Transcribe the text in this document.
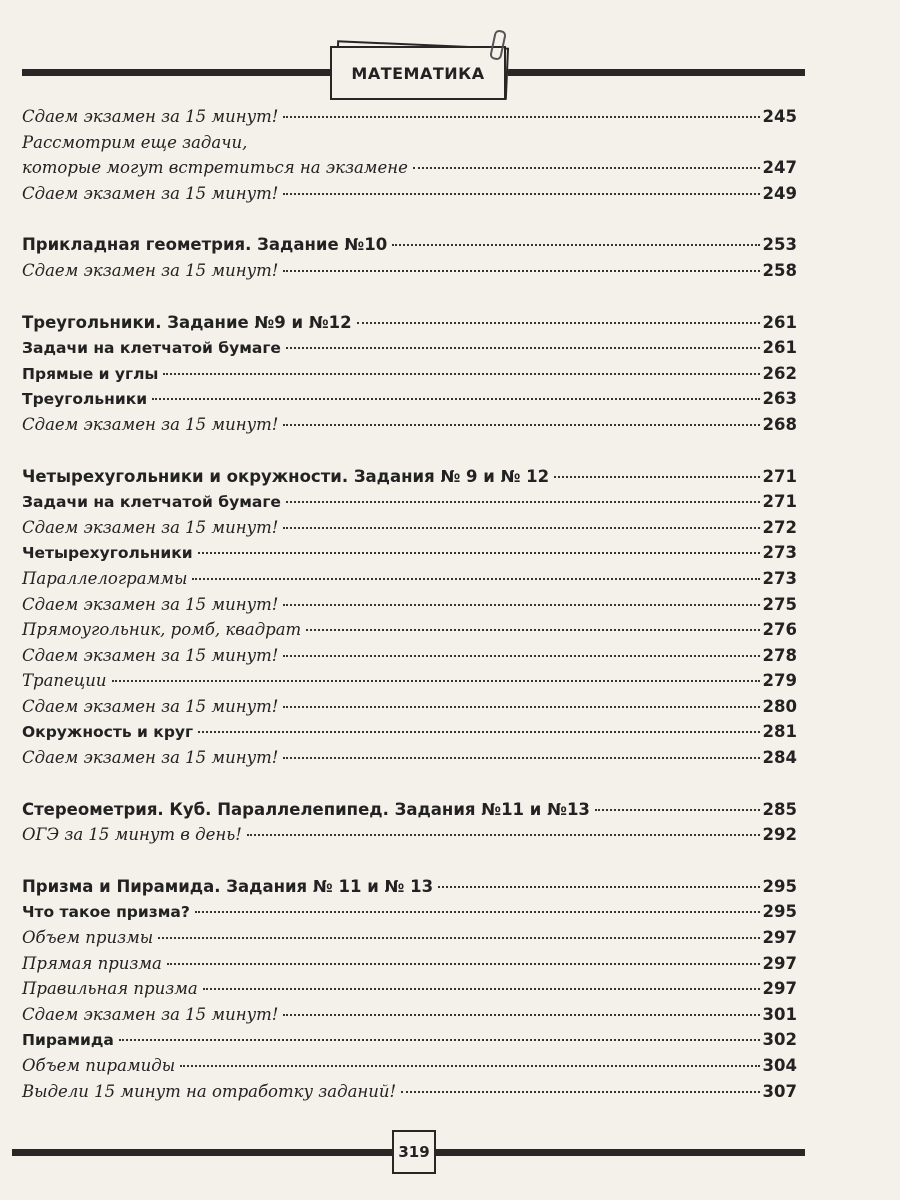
МАТЕМАТИКА
Сдаем экзамен за 15 минут!	245
Рассмотрим еще задачи,
которые могут встретиться на экзамене	247
Сдаем экзамен за 15 минут!	249
Прикладная геометрия. Задание №10	253
Сдаем экзамен за 15 минут!	258
Треугольники. Задание №9 и №12	261
Задачи на клетчатой бумаге	261
Прямые и углы	262
Треугольники	263
Сдаем экзамен за 15 минут!	268
Четырехугольники и окружности. Задания № 9 и № 12	271
Задачи на клетчатой бумаге	271
Сдаем экзамен за 15 минут!	272
Четырехугольники	273
Параллелограммы	273
Сдаем экзамен за 15 минут!	275
Прямоугольник, ромб, квадрат	276
Сдаем экзамен за 15 минут!	278
Трапеции	279
Сдаем экзамен за 15 минут!	280
Окружность и круг	281
Сдаем экзамен за 15 минут!	284
Стереометрия. Куб. Параллелепипед. Задания №11 и №13	285
ОГЭ за 15 минут в день!	292
Призма и Пирамида. Задания № 11 и № 13	295
Что такое призма?	295
Объем призмы	297
Прямая призма	297
Правильная призма	297
Сдаем экзамен за 15 минут!	301
Пирамида	302
Объем пирамиды	304
Выдели 15 минут на отработку заданий!	307
319
